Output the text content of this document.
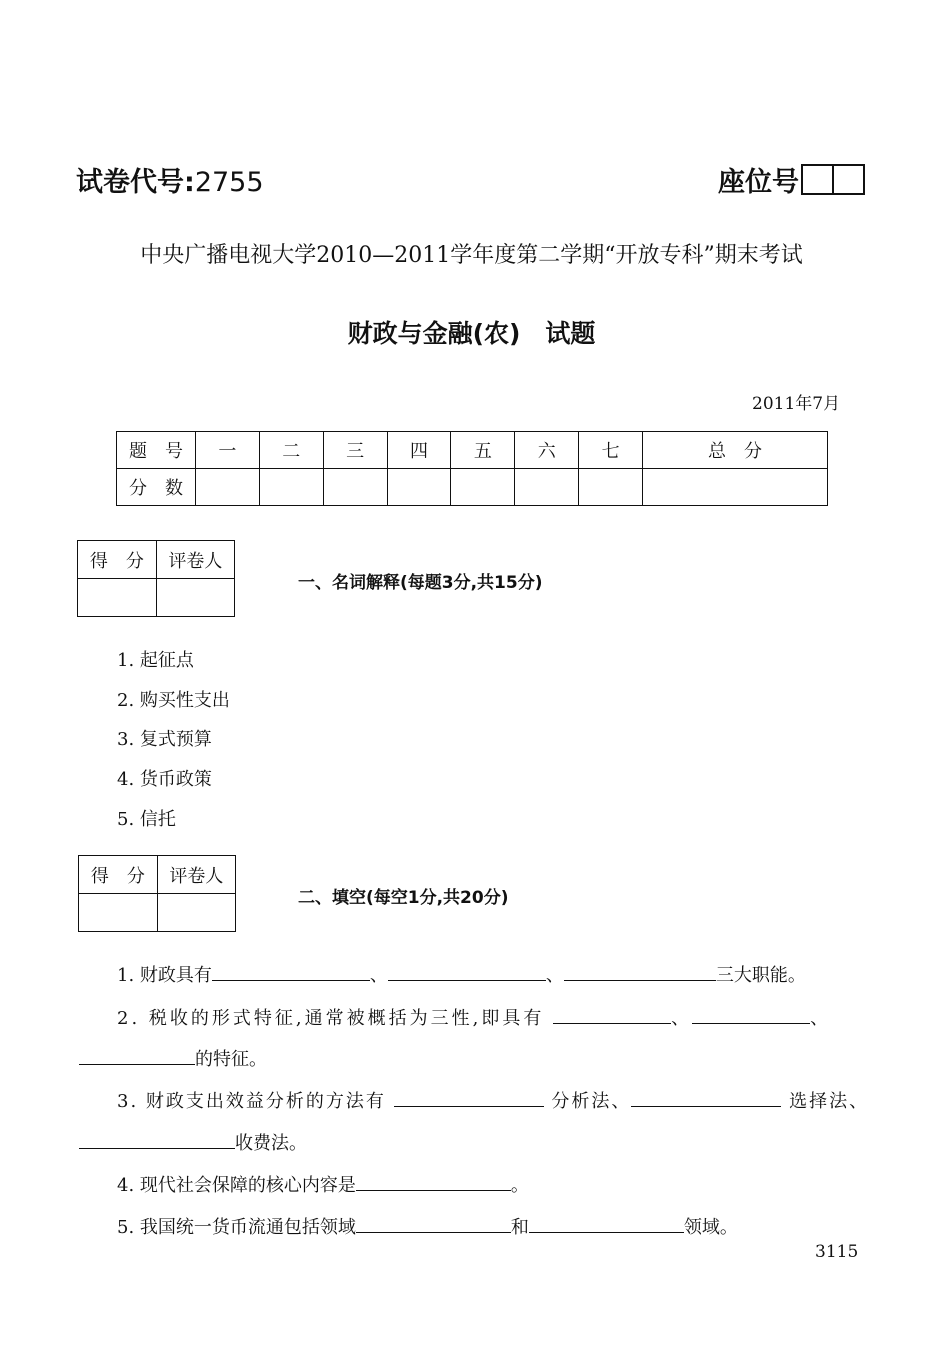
试卷代号:2755	座位号
中央广播电视大学2010—2011学年度第二学期“开放专科”期末考试
财政与金融(农)　试题
2011年7月
题　号	一	二	三	四	五	六	七	总　分
分　数								
得　分	评卷人

一、名词解释(每题3分,共15分)
1. 起征点
2. 购买性支出
3. 复式预算
4. 货币政策
5. 信托
得　分	评卷人

二、填空(每空1分,共20分)
1. 财政具有	、	、	三大职能。
2. 税收的形式特征,通常被概括为三性,即具有	、	、
的特征。
3. 财政支出效益分析的方法有	分析法、	选择法、
收费法。
4. 现代社会保障的核心内容是	。
5. 我国统一货币流通包括领域	和	领域。
3115
